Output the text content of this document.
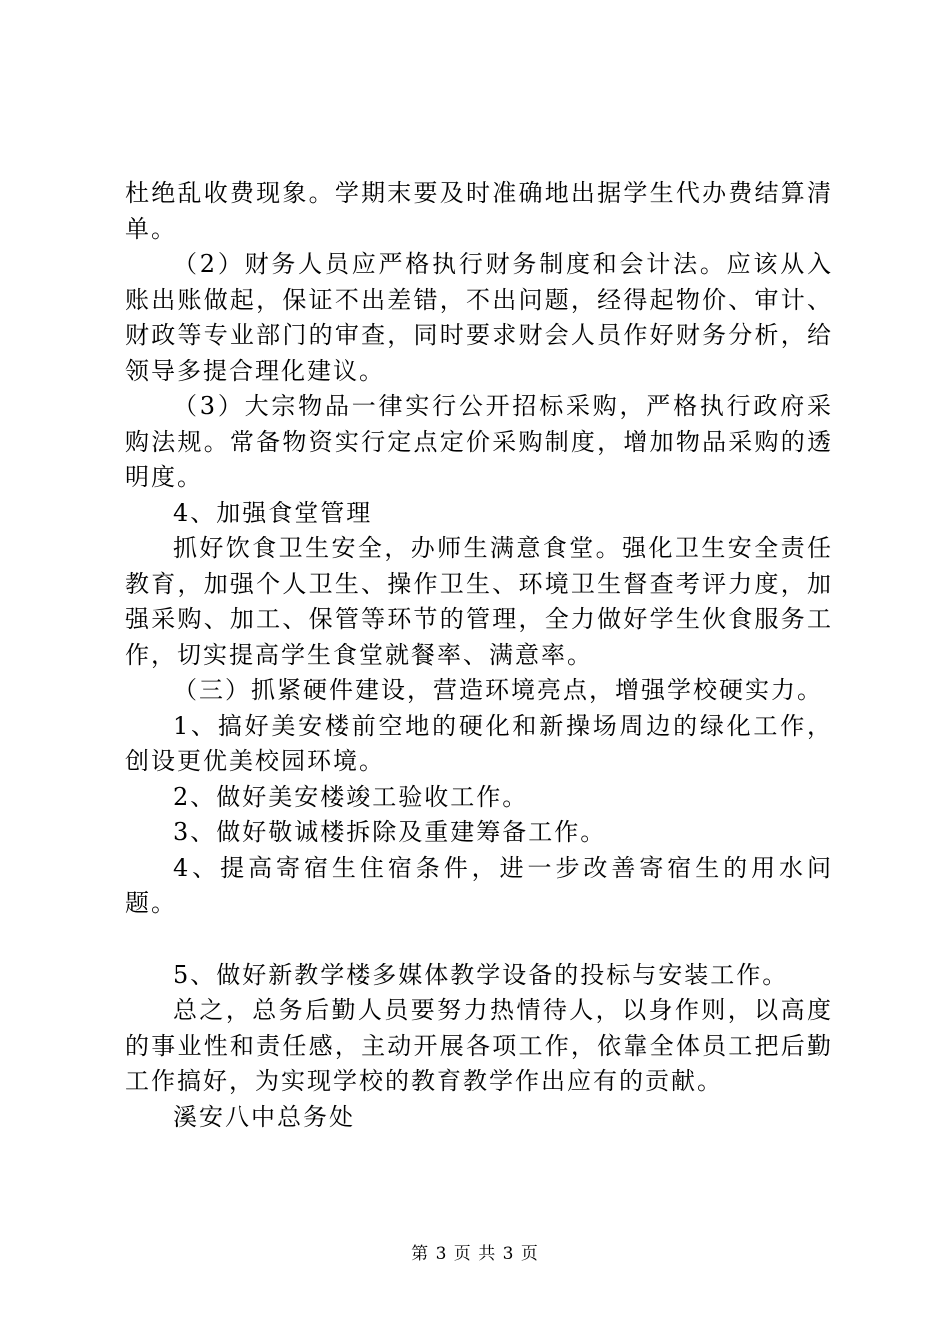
杜绝乱收费现象。学期末要及时准确地出据学生代办费结算清单。

（2）财务人员应严格执行财务制度和会计法。应该从入账出账做起，保证不出差错，不出问题，经得起物价、审计、财政等专业部门的审查，同时要求财会人员作好财务分析，给领导多提合理化建议。

（3）大宗物品一律实行公开招标采购，严格执行政府采购法规。常备物资实行定点定价采购制度，增加物品采购的透明度。

4、加强食堂管理

抓好饮食卫生安全，办师生满意食堂。强化卫生安全责任教育，加强个人卫生、操作卫生、环境卫生督查考评力度，加强采购、加工、保管等环节的管理，全力做好学生伙食服务工作，切实提高学生食堂就餐率、满意率。

（三）抓紧硬件建设，营造环境亮点，增强学校硬实力。

1、搞好美安楼前空地的硬化和新操场周边的绿化工作，创设更优美校园环境。

2、做好美安楼竣工验收工作。

3、做好敬诚楼拆除及重建筹备工作。

4、提高寄宿生住宿条件，进一步改善寄宿生的用水问题。

5、做好新教学楼多媒体教学设备的投标与安装工作。

总之，总务后勤人员要努力热情待人，以身作则，以高度的事业性和责任感，主动开展各项工作，依靠全体员工把后勤工作搞好，为实现学校的教育教学作出应有的贡献。

溪安八中总务处

第 3 页 共 3 页
